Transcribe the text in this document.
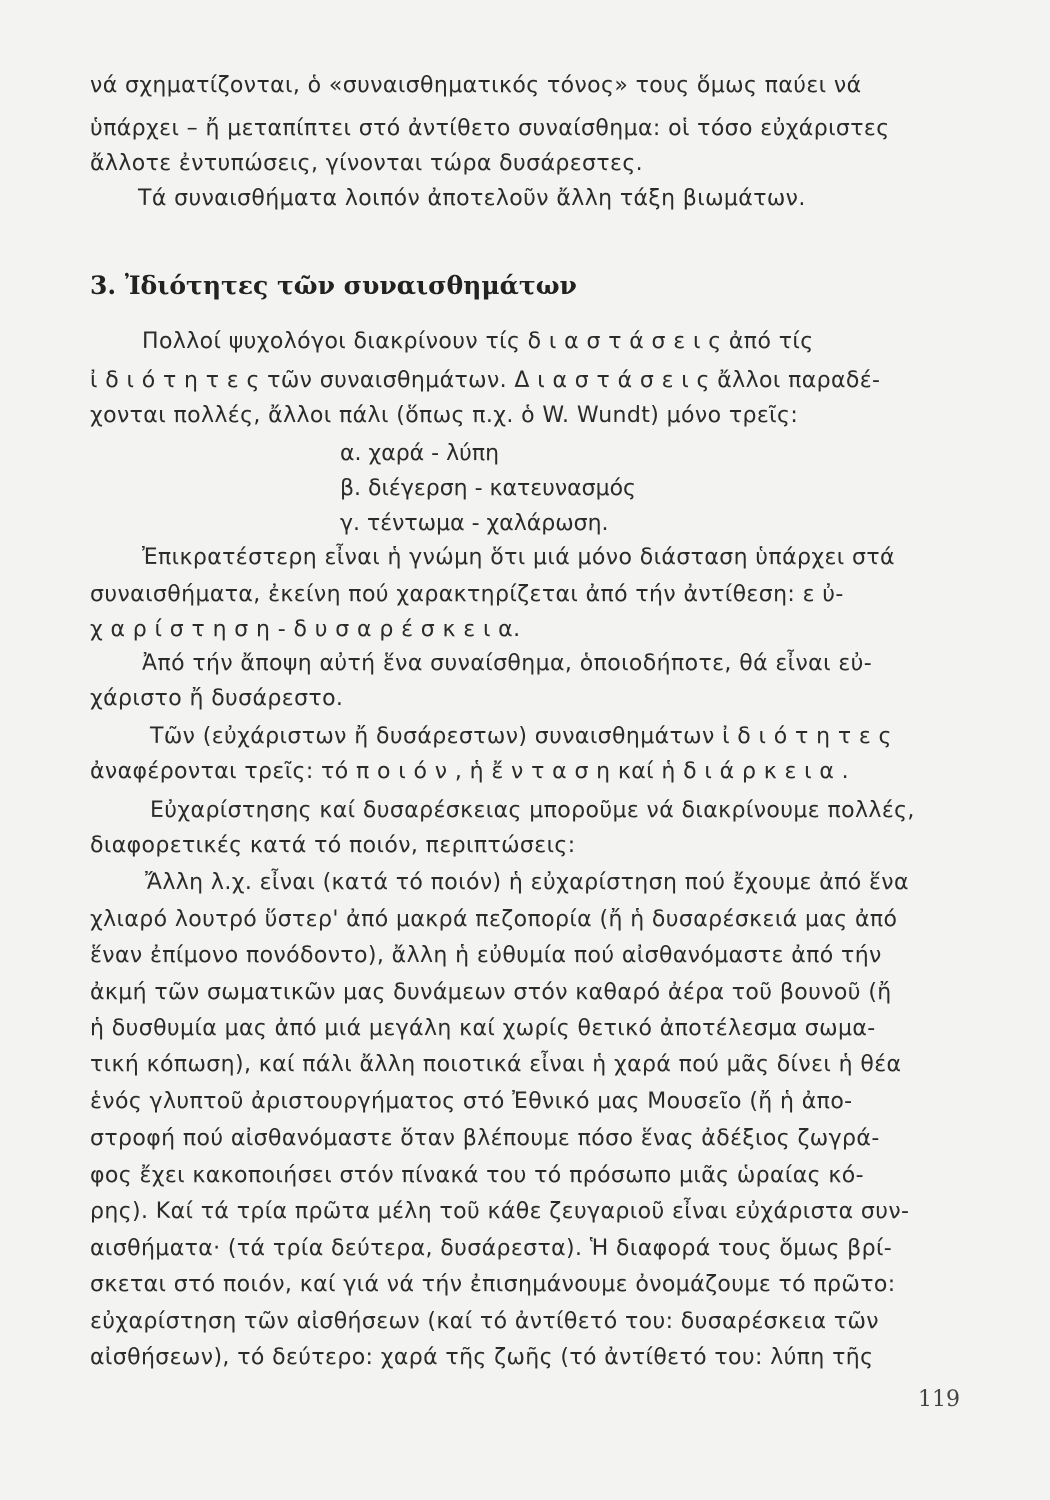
νά σχηματίζονται, ὁ «συναισθηματικός τόνος» τους ὅμως παύει νά
ὑπάρχει – ἤ μεταπίπτει στό ἀντίθετο συναίσθημα: οἱ τόσο εὐχάριστες
ἄλλοτε ἐντυπώσεις, γίνονται τώρα δυσάρεστες.
Τά συναισθήματα λοιπόν ἀποτελοῦν ἄλλη τάξη βιωμάτων.
3. Ἰδιότητες τῶν συναισθημάτων
Πολλοί ψυχολόγοι διακρίνουν τίς δ ι α σ τ ά σ ε ι ς ἀπό τίς
ἰ δ ι ό τ η τ ε ς τῶν συναισθημάτων. Δ ι α σ τ ά σ ε ι ς ἄλλοι παραδέ-
χονται πολλές, ἄλλοι πάλι (ὅπως π.χ. ὁ W. Wundt) μόνο τρεῖς:
α. χαρά - λύπη
β. διέγερση - κατευνασμός
γ. τέντωμα - χαλάρωση.
Ἐπικρατέστερη εἶναι ἡ γνώμη ὅτι μιά μόνο διάσταση ὑπάρχει στά
συναισθήματα, ἐκείνη πού χαρακτηρίζεται ἀπό τήν ἀντίθεση: ε ὐ-
χ α ρ ί σ τ η σ η - δ υ σ α ρ έ σ κ ε ι α.
Ἀπό τήν ἄποψη αὐτή ἕνα συναίσθημα, ὁποιοδήποτε, θά εἶναι εὐ-
χάριστο ἤ δυσάρεστο.
Τῶν (εὐχάριστων ἤ δυσάρεστων) συναισθημάτων ἰ δ ι ό τ η τ ε ς
ἀναφέρονται τρεῖς: τό π ο ι ό ν , ἡ ἔ ν τ α σ η καί ἡ δ ι ά ρ κ ε ι α .
Εὐχαρίστησης καί δυσαρέσκειας μποροῦμε νά διακρίνουμε πολλές,
διαφορετικές κατά τό ποιόν, περιπτώσεις:
Ἄλλη λ.χ. εἶναι (κατά τό ποιόν) ἡ εὐχαρίστηση πού ἔχουμε ἀπό ἕνα
χλιαρό λουτρό ὕστερ' ἀπό μακρά πεζοπορία (ἤ ἡ δυσαρέσκειά μας ἀπό
ἕναν ἐπίμονο πονόδοντο), ἄλλη ἡ εὐθυμία πού αἰσθανόμαστε ἀπό τήν
ἀκμή τῶν σωματικῶν μας δυνάμεων στόν καθαρό ἀέρα τοῦ βουνοῦ (ἤ
ἡ δυσθυμία μας ἀπό μιά μεγάλη καί χωρίς θετικό ἀποτέλεσμα σωμα-
τική κόπωση), καί πάλι ἄλλη ποιοτικά εἶναι ἡ χαρά πού μᾶς δίνει ἡ θέα
ἑνός γλυπτοῦ ἀριστουργήματος στό Ἐθνικό μας Μουσεῖο (ἤ ἡ ἀπο-
στροφή πού αἰσθανόμαστε ὅταν βλέπουμε πόσο ἕνας ἀδέξιος ζωγρά-
φος ἔχει κακοποιήσει στόν πίνακά του τό πρόσωπο μιᾶς ὡραίας κό-
ρης). Καί τά τρία πρῶτα μέλη τοῦ κάθε ζευγαριοῦ εἶναι εὐχάριστα συν-
αισθήματα· (τά τρία δεύτερα, δυσάρεστα). Ἡ διαφορά τους ὅμως βρί-
σκεται στό ποιόν, καί γιά νά τήν ἐπισημάνουμε ὀνομάζουμε τό πρῶτο:
εὐχαρίστηση τῶν αἰσθήσεων (καί τό ἀντίθετό του: δυσαρέσκεια τῶν
αἰσθήσεων), τό δεύτερο: χαρά τῆς ζωῆς (τό ἀντίθετό του: λύπη τῆς
119
